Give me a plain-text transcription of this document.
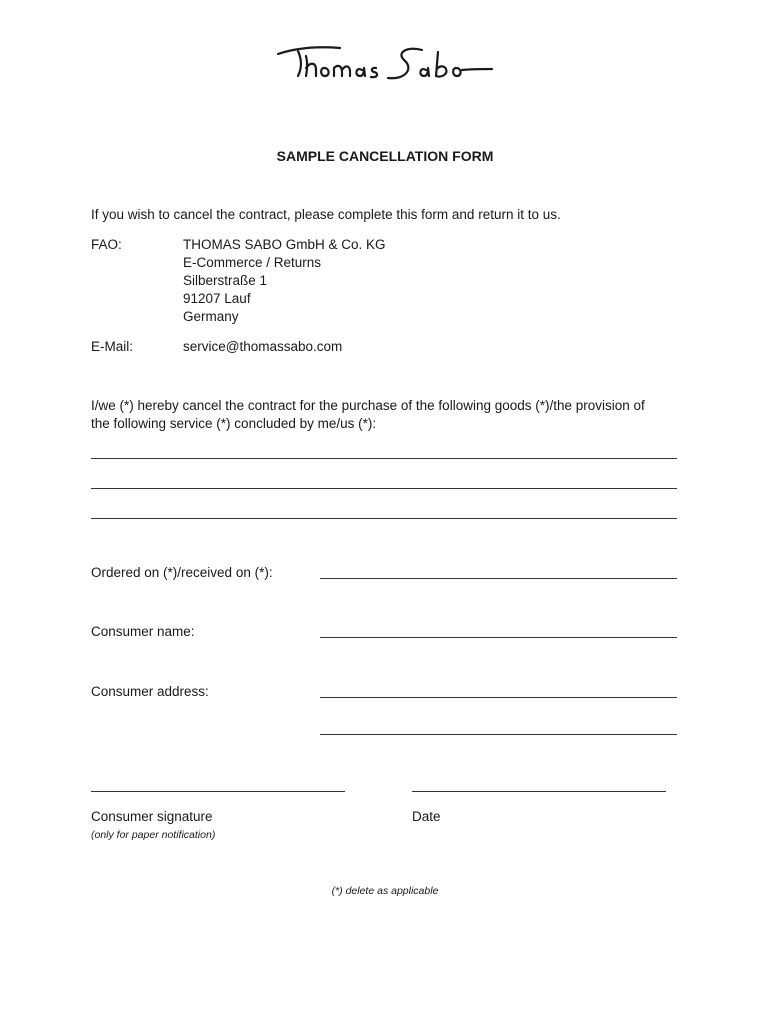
SAMPLE CANCELLATION FORM
If you wish to cancel the contract, please complete this form and return it to us.
FAO:	THOMAS SABO GmbH & Co. KG
E-Commerce / Returns
Silberstraße 1
91207 Lauf
Germany
E-Mail:	service@thomassabo.com
I/we (*) hereby cancel the contract for the purchase of the following goods (*)/the provision of
the following service (*) concluded by me/us (*):
Ordered on (*)/received on (*):
Consumer name:
Consumer address:
Consumer signature
(only for paper notification)
Date
(*) delete as applicable
